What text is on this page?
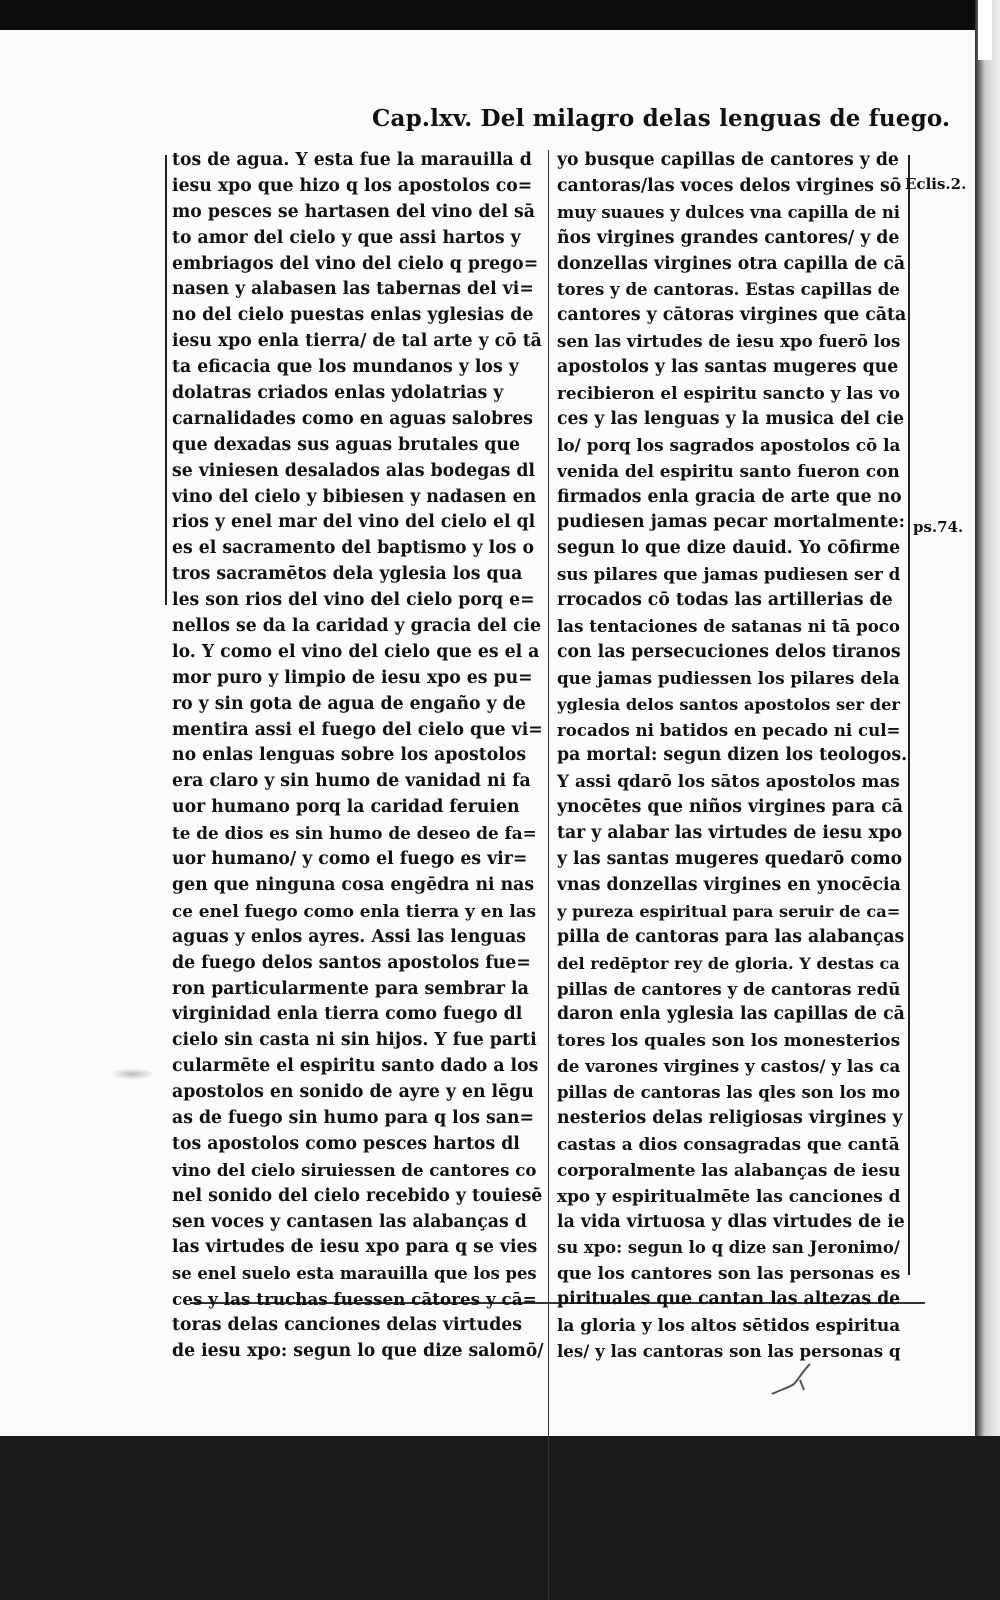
Cap.lxv. Del milagro delas lenguas de fuego.
tos de agua. Y esta fue la marauilla d
iesu xpo que hizo q los apostolos co=
mo pesces se hartasen del vino del sā
to amor del cielo y que assi hartos y
embriagos del vino del cielo q prego=
nasen y alabasen las tabernas del vi=
no del cielo puestas enlas yglesias de
iesu xpo enla tierra/ de tal arte y cō tā
ta eficacia que los mundanos y los y
dolatras criados enlas ydolatrias y
carnalidades como en aguas salobres
que dexadas sus aguas brutales que
se viniesen desalados alas bodegas dl
vino del cielo y bibiesen y nadasen en
rios y enel mar del vino del cielo el ql
es el sacramento del baptismo y los o
tros sacramētos dela yglesia los qua
les son rios del vino del cielo porq e=
nellos se da la caridad y gracia del cie
lo. Y como el vino del cielo que es el a
mor puro y limpio de iesu xpo es pu=
ro y sin gota de agua de engaño y de
mentira assi el fuego del cielo que vi=
no enlas lenguas sobre los apostolos
era claro y sin humo de vanidad ni fa
uor humano porq la caridad feruien
te de dios es sin humo de deseo de fa=
uor humano/ y como el fuego es vir=
gen que ninguna cosa engēdra ni nas
ce enel fuego como enla tierra y en las
aguas y enlos ayres. Assi las lenguas
de fuego delos santos apostolos fue=
ron particularmente para sembrar la
virginidad enla tierra como fuego dl
cielo sin casta ni sin hijos. Y fue parti
cularmēte el espiritu santo dado a los
apostolos en sonido de ayre y en lēgu
as de fuego sin humo para q los san=
tos apostolos como pesces hartos dl
vino del cielo siruiessen de cantores co
nel sonido del cielo recebido y touiesē
sen voces y cantasen las alabanças d
las virtudes de iesu xpo para q se vies
se enel suelo esta marauilla que los pes
ces y las truchas fuessen cātores y cā=
toras delas canciones delas virtudes
de iesu xpo: segun lo que dize salomō/
yo busque capillas de cantores y de
cantoras/las voces delos virgines sō
muy suaues y dulces vna capilla de ni
ños virgines grandes cantores/ y de
donzellas virgines otra capilla de cā
tores y de cantoras. Estas capillas de
cantores y cātoras virgines que cāta
sen las virtudes de iesu xpo fuerō los
apostolos y las santas mugeres que
recibieron el espiritu sancto y las vo
ces y las lenguas y la musica del cie
lo/ porq los sagrados apostolos cō la
venida del espiritu santo fueron con
firmados enla gracia de arte que no
pudiesen jamas pecar mortalmente:
segun lo que dize dauid. Yo cōfirme
sus pilares que jamas pudiesen ser d
rrocados cō todas las artillerias de
las tentaciones de satanas ni tā poco
con las persecuciones delos tiranos
que jamas pudiessen los pilares dela
yglesia delos santos apostolos ser der
rocados ni batidos en pecado ni cul=
pa mortal: segun dizen los teologos.
Y assi qdarō los sātos apostolos mas
ynocētes que niños virgines para cā
tar y alabar las virtudes de iesu xpo
y las santas mugeres quedarō como
vnas donzellas virgines en ynocēcia
y pureza espiritual para seruir de ca=
pilla de cantoras para las alabanças
del redēptor rey de gloria. Y destas ca
pillas de cantores y de cantoras redū
daron enla yglesia las capillas de cā
tores los quales son los monesterios
de varones virgines y castos/ y las ca
pillas de cantoras las qles son los mo
nesterios delas religiosas virgines y
castas a dios consagradas que cantā
corporalmente las alabanças de iesu
xpo y espiritualmēte las canciones d
la vida virtuosa y dlas virtudes de ie
su xpo: segun lo q dize san Jeronimo/
que los cantores son las personas es
pirituales que cantan las altezas de
la gloria y los altos sētidos espiritua
les/ y las cantoras son las personas q
Eclis.2.
ps.74.
